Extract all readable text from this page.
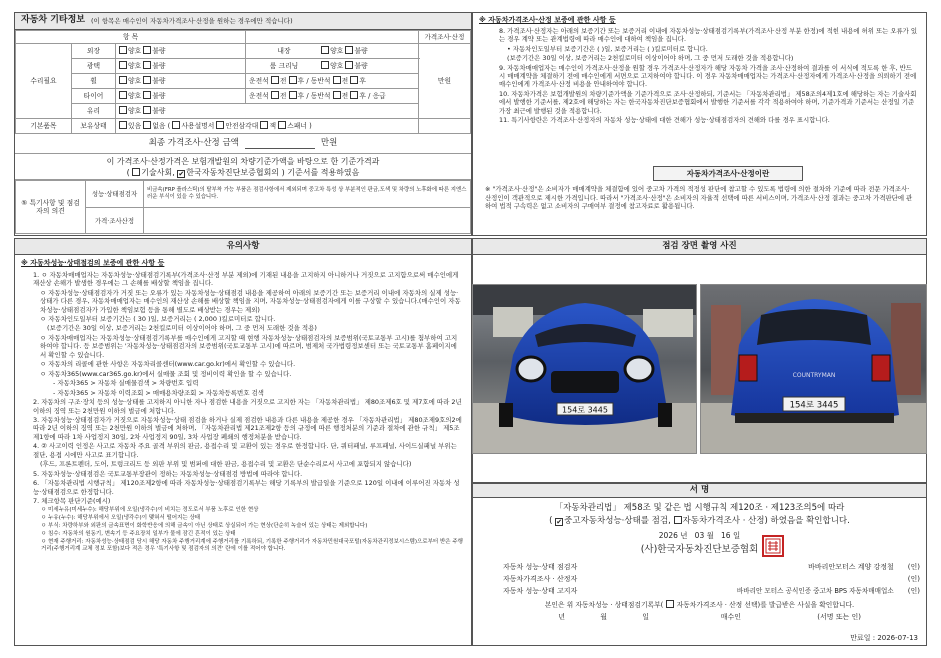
자동차 기타정보 (이 항목은 매수인이 자동차가격조사·산정을 원하는 경우에만 적습니다)
항 목				가격조사·산정
수리필요	외장	양호 불량	내장 양호 불량	만원
	광택	양호 불량	룸 크리닝 양호 불량	
	휠	양호 불량	운전석 전 후 / 동반석 전 후	
	타이어	양호 불량	운전석 전 후 / 동반석 전 후 / 응급	
	유리	양호 불량		
기본품목	보유상태	있음 없음 ( 사용설명서 안전삼각대 잭 스패너 )		
최종 가격조사·산정 금액	만원
이 가격조사·산정가격은 보험개발원의 차량기준가액을 바탕으로 한 기준가격과
( 기술사회, ✔ 한국자동차진단보증협회의 ) 기준서를 적용하였음
⑤ 특기사항 및 점검자의 의견	성능·상태점검자	비금속(FRP 플라스틱)의 탈부착 가능 부품은 점검사항에서 제외되며 중고차 특성 상 부분적인 판금,도색 및 차량의 노후화에 따른 지엔스러운 부식이 있을 수 있습니다.
	가격·조사산정	
※ 자동차가격조사·산정 보증에 관한 사항 등

8. 가격조사·산정자는 아래의 보증기간 또는 보증거리 이내에 자동차성능·상태점검기록부(가격조사·산정 부분 한정)에 적힌 내용에 허위 또는 오류가 있는 경우 계약 또는 관계법령에 따라 매수인에 대하여 책임을 집니다.

• 자동차인도일부터 보증기간은 ( )일, 보증거리는 ( )킬로미터로 합니다.

(보증기간은 30일 이상, 보증거리는 2천킬로미터 이상이어야 하며, 그 중 먼저 도래한 것을 적용합니다)

9. 자동차매매업자는 매수인이 가격조사·산정을 원할 경우 가격조사·산정자가 해당 자동차 가격을 조사·산정하여 결과를 이 서식에 적도록 한 후, 반드시 매매계약을 체결하기 전에 매수인에게 서면으로 고지하여야 합니다. 이 경우 자동차매매업자는 가격조사·산정자에게 가격조사·산정을 의뢰하기 전에 매수인에게 가격조사·산정 비용을 안내하여야 합니다.

10. 자동차가격은 보험개발원의 차량기준가액을 기준가격으로 조사·산정하되, 기준서는 「자동차관리법」 제58조의4제1호에 해당하는 자는 기술사회에서 발행한 기준서를, 제2호에 해당하는 자는 한국자동차진단보증협회에서 발행한 기준서를 각각 적용하여야 하며, 기준가격과 기준서는 산정일 기준 가장 최근에 발행된 것을 적용합니다.

11. 특기사항란은 가격조사·산정자의 자동차 성능·상태에 대한 견해가 성능·상태점검자의 견해와 다를 경우 표시합니다.

자동차가격조사·산정이란
※ "가격조사·산정"은 소비자가 매매계약을 체결함에 있어 중고차 가격의 적정성 판단에 참고할 수 있도록 법령에 의한 절차와 기준에 따라 전문 가격조사·산정인이 객관적으로 제시한 가격입니다. 따라서 "가격조사·산정"은 소비자의 자율적 선택에 따른 서비스이며, 가격조사·산정 결과는 중고차 가격판단에 관하여 법적 구속력은 없고 소비자의 구매여부 결정에 참고자료로 활용됩니다.
유의사항
※ 자동차성능·상태점검의 보증에 관한 사항 등

1. ㅇ 자동차매매업자는 자동차성능·상태점검기록부(가격조사·산정 부분 제외)에 기재된 내용을 고지하지 아니하거나 거짓으로 고지함으로써 매수인에게 재산상 손해가 발생한 경우에는 그 손해를 배상할 책임을 집니다.

ㅇ 자동차성능·상태점검자가 거짓 또는 오류가 있는 자동차성능·상태점검 내용을 제공하여 아래의 보증기간 또는 보증거리 이내에 자동차의 실제 성능·상태가 다른 경우, 자동차매매업자는 매수인의 재산상 손해를 배상할 책임을 지며, 자동차성능·상태점검자에게 이를 구상할 수 있습니다.(매수인이 자동차성능·상태점검자가 가입한 책임보험 등을 통해 별도로 배상받는 경우는 제외)

ㅇ 자동차인도일부터 보증기간는 ( 30 )일, 보증거리는 ( 2,000 )킬로미터로 합니다.

(보증기간은 30일 이상, 보증거리는 2천킬로미터 이상이어야 하며, 그 중 먼저 도래한 것을 적용)

ㅇ 자동차매매업자는 자동차성능·상태점검기록부를 매수인에게 고지할 때 현행 자동차성능·상태점검자의 보증범위(국토교통부 고시)를 첨부하여 고지하여야 합니다. 등 보증범위는 '자동차성능·상태점검자의 보증범위(국토교통부 고시)에 따르며, 범제처 국가법령정보센터 또는 국토교통부 홈페이지에서 확인할 수 있습니다.

ㅇ 자동차의 리콜에 관한 사항은 자동차리콜센터(www.car.go.kr)에서 확인할 수 있습니다.

ㅇ 자동차365(www.car365.go.kr)에서 실매물 조회 및 정비이력 확인을 할 수 있습니다.

- 자동차365 > 자동차 실매물검색 > 차량번호 입력

- 자동차365 > 자동차 이력조회 > 매매용차량조회 > 자동차등록번호 검색

2. 자동차의 구조·장치 등의 성능·상태를 고지하지 아니한 자나 점검한 내용을 거짓으로 고지한 자는 「자동차관리법」 제80조제6호 및 제7호에 따라 2년 이하의 징역 또는 2천만원 이하의 벌금에 처합니다.

3. 자동차성능·상태점검자가 거짓으로 자동차성능·상태 점검을 하거나 실제 점검한 내용과 다른 내용을 제공한 경우 「자동차관리법」 제80조제9호의2에 따라 2년 이하의 징역 또는 2천만원 이하의 벌금에 처하며, 「자동차관리법 제21조제2항 등의 규정에 따른 행정처분의 기준과 절차에 관한 규칙」 제5조제1항에 따라 1차 사업정지 30일, 2차 사업정지 90일, 3차 사업장 폐쇄의 행정처분을 받습니다.

4. ② 사고이력 인정은 사고로 자동차 주요 골격 부위의 판금, 용접수리 및 교환이 있는 경우로 한정합니다. 단, 쿼터패널, 루프패널, 사이드실패널 부위는 절단, 용접 시에만 사고로 표기합니다.

(후드, 프론트펜더, 도어, 트렁크리드 등 외판 부위 및 범퍼에 대한 판금, 용접수리 및 교환은 단순수리로서 사고에 포함되지 않습니다)

5. 자동차성능·상태점검은 국토교통부장관이 정하는 자동차성능·상태점검 방법에 따라야 합니다.

6. 「자동차관리법 시행규칙」 제120조제2항에 따라 자동차성능·상태점검기록부는 해당 기록부의 발급일을 기준으로 120일 이내에 이루어진 자동차 성능·상태점검으로 한정합니다.

7. 체크항목 판단기준(예시)

ㅇ 미세누유(미세누수): 해당부위에 오일(냉각수)이 비치는 정도로서 부품 노후로 인한 현상

ㅇ 누유(누수): 해당부위에서 오일(냉각수)이 맺혀서 떨어지는 상태

ㅇ 부식: 차량하부와 외판의 금속표면이 화학반응에 의해 금속이 아닌 상태로 상실되어 가는 현상(단순히 녹슬어 있는 상태는 제외합니다)

ㅇ 침수: 자동차의 원동기, 변속기 등 주요장치 일부가 물에 잠긴 흔적이 있는 상태

ㅇ 현재 주행거리: 자동차성능·상태점검 당시 해당 자동차 주행거리계에 주행거리를 기록하되, 기록한 주행거리가 자동차민원대국포털(자동차관리정보시스템)으로부터 받은 주행거리(주행거리계 교체 정보 포함)보다 적은 경우 '특기사항 및 점검자의 의견' 란에 이를 적어야 합니다.

점검 장면 촬영 사진
154로 3445
COUNTRYMAN
154로 3445
서 명
「자동차관리법」 제58조 및 같은 법 시행규칙 제120조 · 제123조의5에 따라
( ✔ 중고자동차성능·상태를 점검, 자동차가격조사 · 산정) 하였음을 확인합니다.
2026 년 03 월 16 일
(사)한국자동차진단보증협회
자동차 성능·상태 점검자	바바리안모터스 계양 강정철 (인)
자동차가격조사 · 산정자	(인)
자동차 성능·상태 고지자	바바리안 모터스 공식인증 중고차 BPS 자동차매매업소 (인)
본인은 위 자동차성능 · 상태점검기록부( 자동차가격조사 · 산정 선택)를 발급받은 사실을 확인합니다.
년	월	일	매수인	(서명 또는 인)
만료일 : 2026-07-13
